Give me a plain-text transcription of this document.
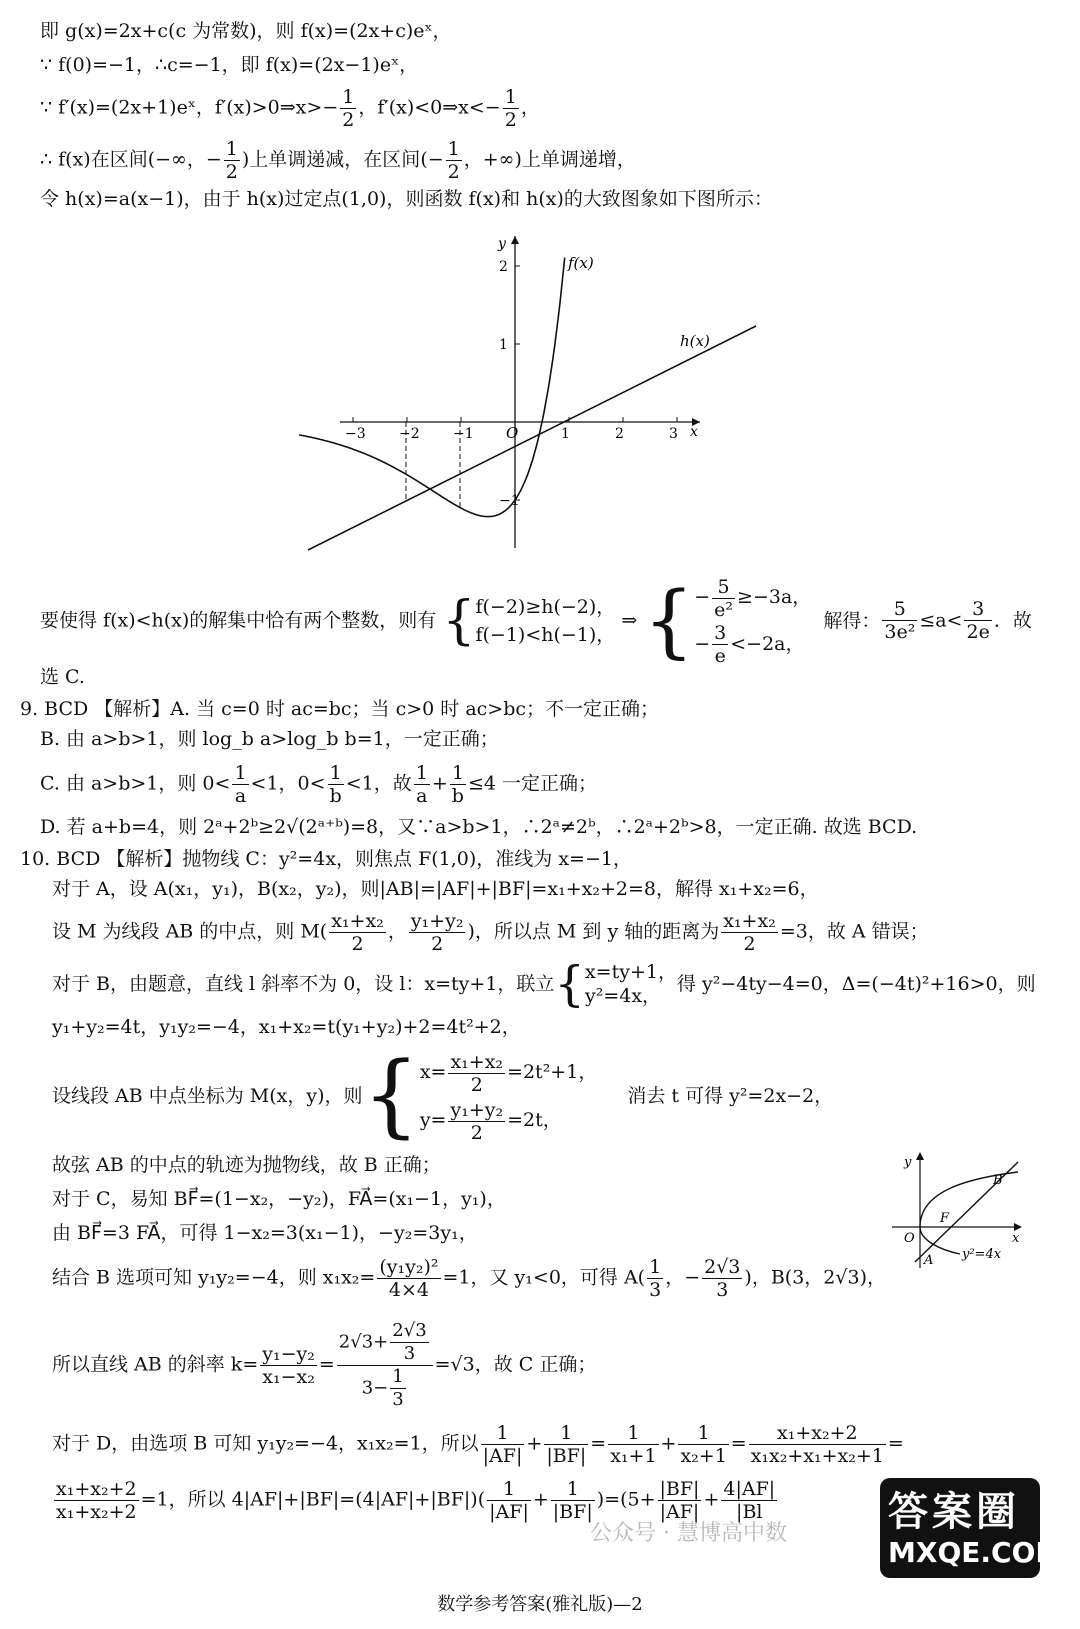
即 g(x)=2x+c(c 为常数)，则 f(x)=(2x+c)eˣ，
∵ f(0)=−1，∴c=−1，即 f(x)=(2x−1)eˣ，
∵ f′(x)=(2x+1)eˣ，f′(x)>0⇒x>− $\frac{1}{2}$ ，f′(x)<0⇒x<− $\frac{1}{2}$ ，
∴ f(x)在区间(−∞，− $\frac{1}{2}$ )上单调递减，在区间(− $\frac{1}{2}$ ，+∞)上单调递增，
令 h(x)=a(x−1)，由于 h(x)过定点(1,0)，则函数 f(x)和 h(x)的大致图象如下图所示：
−3 −2 −1	1	2	3
2
1
−1
O	x
y
f(x)
h(x)
要使得 f(x)<h(x)的解集中恰有两个整数，则有 { f(−2)≥h(−2)，
f(−1)<h(−1)，
⇒ { − $\frac{5}{\text{e²}} \ge-3a$，
− $\frac{3}{e} <-2a$，
解得： $\frac{5}{\text{3e²}} \le a< \frac{3}{2e}$ ．故
选 C.
9. BCD 【解析】A. 当 c=0 时 ac=bc；当 c>0 时 ac>bc；不一定正确；
B. 由 a>b>1，则 log_b a>log_b b=1，一定正确；
C. 由 a>b>1，则 $0< \frac{1}{a} <1$，$0< \frac{1}{b} <1$，故 $\frac{1}{a} + \frac{1}{b} \le 4$ 一定正确；
D. 若 a+b=4，则 2ᵃ+2ᵇ≥2√(2ᵃ⁺ᵇ)=8，又∵a>b>1，∴2ᵃ≠2ᵇ，∴2ᵃ+2ᵇ>8，一定正确. 故选 BCD.
10. BCD 【解析】抛物线 C：y²=4x，则焦点 F(1,0)，准线为 x=−1，
对于 A，设 A(x₁，y₁)，B(x₂，y₂)，则|AB|=|AF|+|BF|=x₁+x₂+2=8，解得 x₁+x₂=6，
设 M 为线段 AB 的中点，则 $M( \frac{\text{x₁+x₂}}{2}$ ， $\frac{\text{y₁+y₂}}{2}$ )，所以点 M 到 y 轴的距离为 $\frac{\text{x₁+x₂}}{2} =3$，故 A 错误；
对于 B，由题意，直线 l 斜率不为 0，设 l：x=ty+1，联立{ x=ty+1，
y²=4x，
得 y²−4ty−4=0，Δ=(−4t)²+16>0，则
y₁+y₂=4t，y₁y₂=−4，x₁+x₂=t(y₁+y₂)+2=4t²+2，
设线段 AB 中点坐标为 M(x，y)，则{ $x= \frac{\text{x₁+x₂}}{2} =2t^2+1$，
$y= \frac{\text{y₁+y₂}}{2} =2t$，
消去 t 可得 y²=2x−2，
故弦 AB 的中点的轨迹为抛物线，故 B 正确；
对于 C，易知 BF⃗=(1−x₂，−y₂)，FA⃗=(x₁−1，y₁)，
由 BF⃗=3 FA⃗，可得 1−x₂=3(x₁−1)，−y₂=3y₁，
结合 B 选项可知 y₁y₂=−4，则 $x_1x_2= \frac{\text{(y₁y₂)²}}{4\times 4} =1$，又 y₁<0，可得 $A( \frac{1}{3}$ ，− $\frac{2√3}{3}$ )，B(3，2√3)，
y
x
O
B
F
A y²=4x
所以直线 AB 的斜率 $k= \frac{\text{y₁−y₂}}{\text{x₁−x₂}} = \frac{2√3+ \frac{2√3}{3}}{3- \frac{1}{3}} =√3$，故 C 正确；
对于 D，由选项 B 可知 y₁y₂=−4，x₁x₂=1，所以 $\frac{1}{|AF|} + \frac{1}{|BF|} = \frac{1}{\text{x₁+1}} + \frac{1}{\text{x₂+1}} = \frac{\text{x₁+x₂+2}}{\text{x₁x₂+x₁+x₂+1}}$ =
$\frac{\text{x₁+x₂+2}}{\text{x₁+x₂+2}} =1$，所以 $4|AF|+|BF|=(4|AF|+|BF|)( \frac{1}{|AF|} + \frac{1}{|BF|} )=(5+ \frac{|BF|}{|AF|} + \frac{4|AF|}{|Bl}$
公众号 · 慧博高中数	答案圈
MXQE.COM
数学参考答案(雅礼版)—2
